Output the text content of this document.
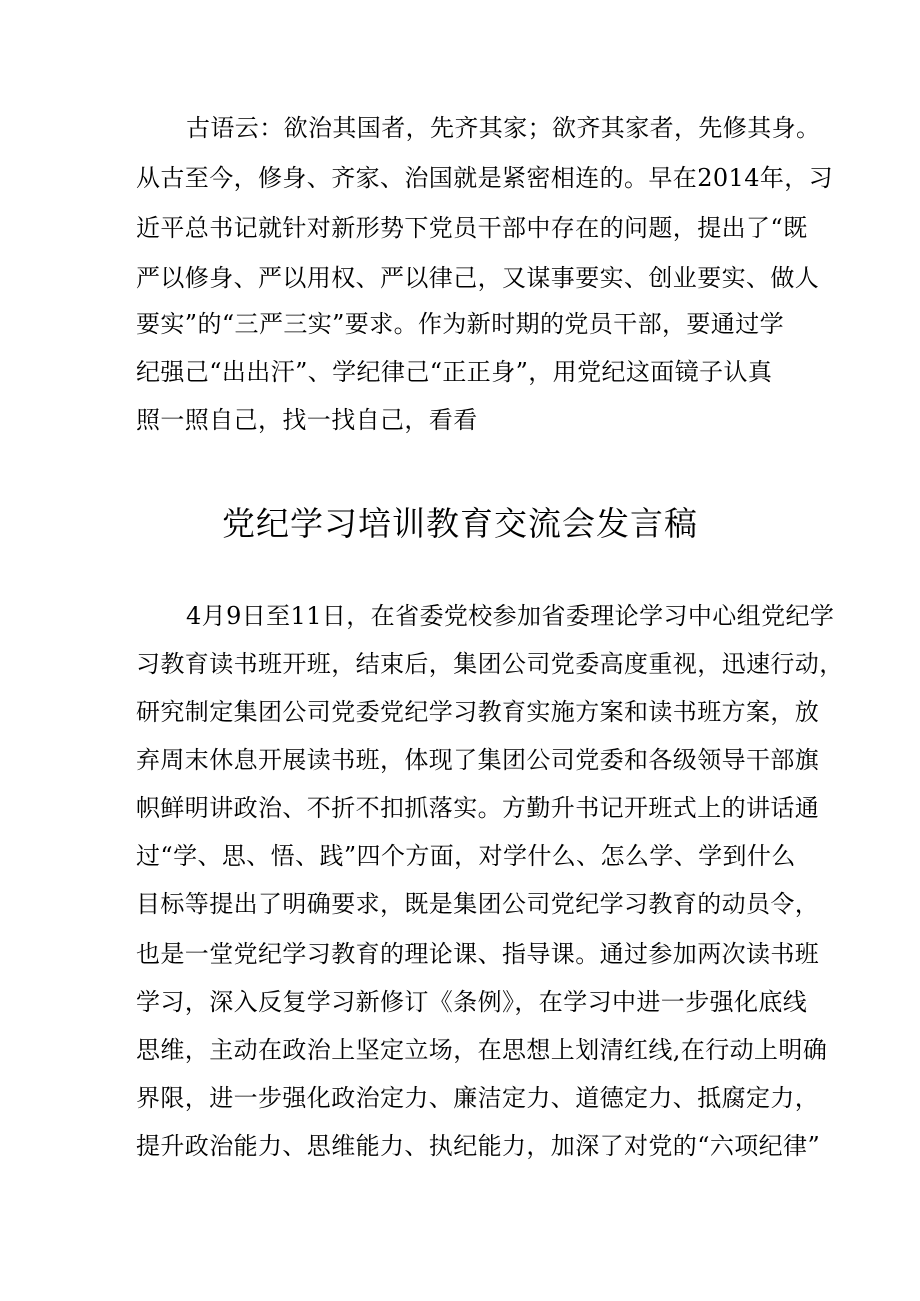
古语云：欲治其国者，先齐其家；欲齐其家者，先修其身。
从古至今，修身、齐家、治国就是紧密相连的。早在2014年，习
近平总书记就针对新形势下党员干部中存在的问题，提出了“既
严以修身、严以用权、严以律己，又谋事要实、创业要实、做人
要实”的“三严三实”要求。作为新时期的党员干部，要通过学
纪强己“出出汗”、学纪律己“正正身”，用党纪这面镜子认真
照一照自己，找一找自己，看看
党纪学习培训教育交流会发言稿
4月9日至11日，在省委党校参加省委理论学习中心组党纪学
习教育读书班开班，结束后，集团公司党委高度重视，迅速行动，
研究制定集团公司党委党纪学习教育实施方案和读书班方案，放
弃周末休息开展读书班，体现了集团公司党委和各级领导干部旗
帜鲜明讲政治、不折不扣抓落实。方勤升书记开班式上的讲话通
过“学、思、悟、践”四个方面，对学什么、怎么学、学到什么
目标等提出了明确要求，既是集团公司党纪学习教育的动员令，
也是一堂党纪学习教育的理论课、指导课。通过参加两次读书班
学习，深入反复学习新修订《条例》，在学习中进一步强化底线
思维，主动在政治上坚定立场，在思想上划清红线,在行动上明确
界限，进一步强化政治定力、廉洁定力、道德定力、抵腐定力，
提升政治能力、思维能力、执纪能力，加深了对党的“六项纪律”
